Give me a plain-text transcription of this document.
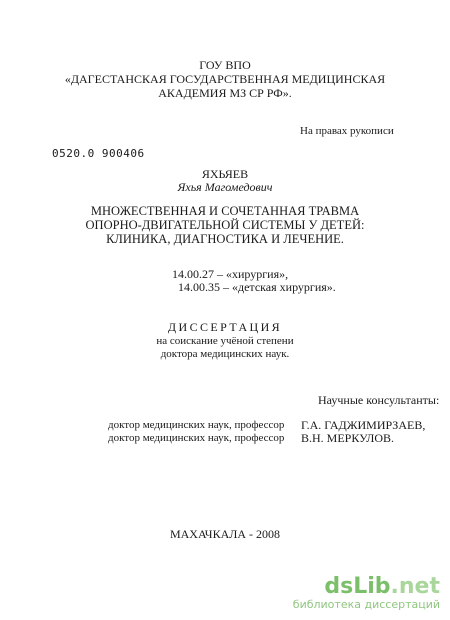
ГОУ ВПО
«ДАГЕСТАНСКАЯ ГОСУДАРСТВЕННАЯ МЕДИЦИНСКАЯ
АКАДЕМИЯ МЗ СР РФ».
На правах рукописи
0520.0 900406
ЯХЬЯЕВ
Яхья Магомедович
МНОЖЕСТВЕННАЯ И СОЧЕТАННАЯ ТРАВМА
ОПОРНО-ДВИГАТЕЛЬНОЙ СИСТЕМЫ У ДЕТЕЙ:
КЛИНИКА, ДИАГНОСТИКА И ЛЕЧЕНИЕ.
14.00.27 – «хирургия»,
14.00.35 – «детская хирургия».
ДИССЕРТАЦИЯ
на соискание учёной степени
доктора медицинских наук.
Научные консультанты:
доктор медицинских наук, профессор Г.А. ГАДЖИМИРЗАЕВ,
доктор медицинских наук, профессор В.Н. МЕРКУЛОВ.
МАХАЧКАЛА - 2008
dsLib.net
библиотека диссертаций
